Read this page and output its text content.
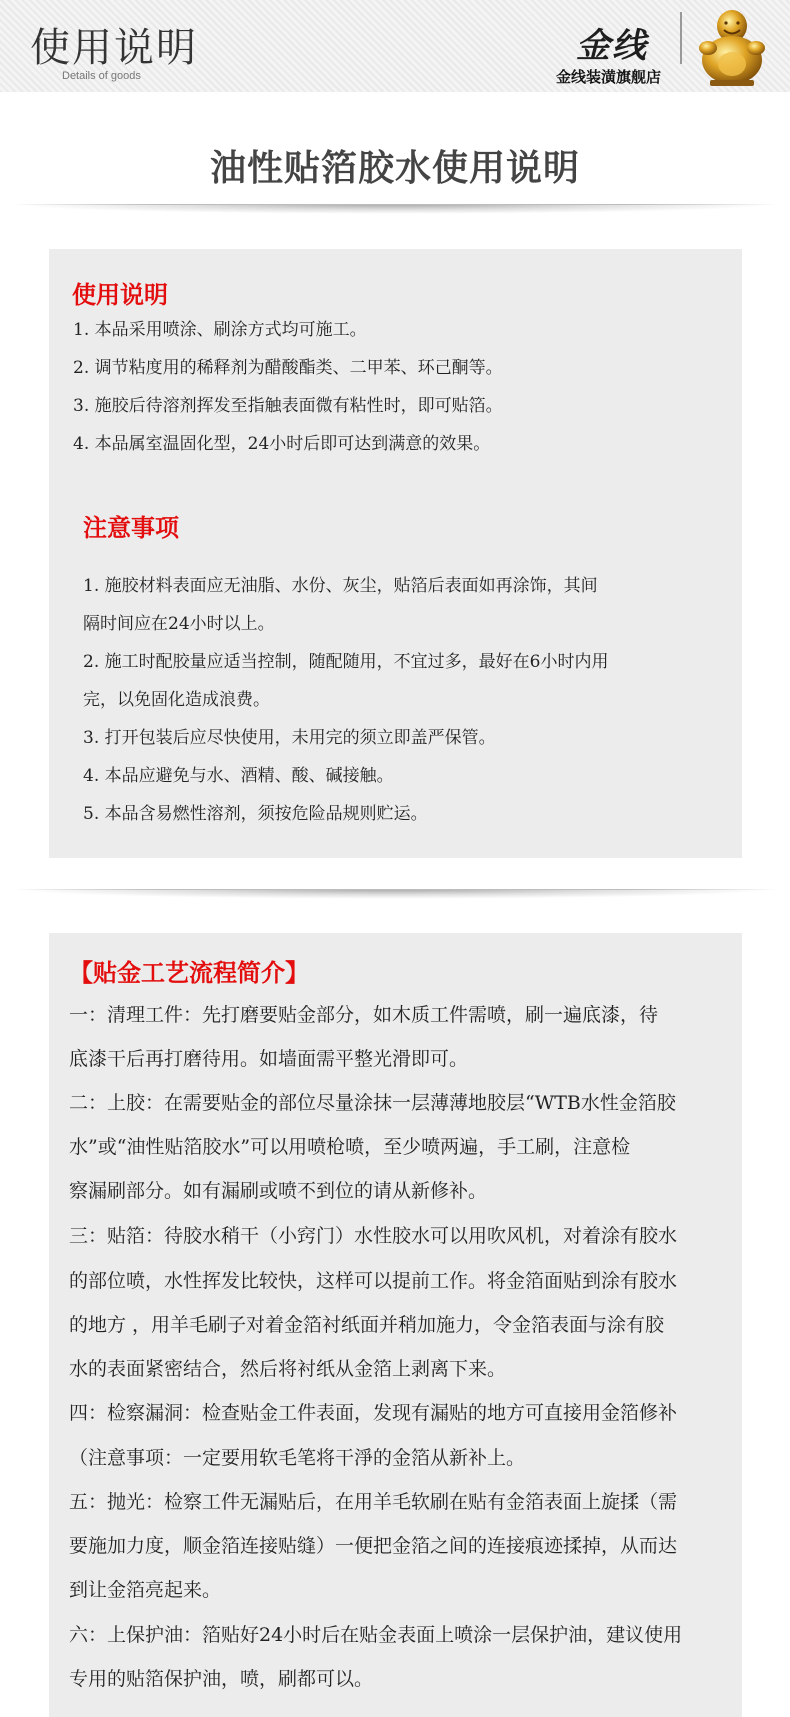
使用说明
Details of goods
金线
金线装潢旗舰店
油性贴箔胶水使用说明
使用说明
1. 本品采用喷涂、刷涂方式均可施工。
2. 调节粘度用的稀释剂为醋酸酯类、二甲苯、环己酮等。
3. 施胶后待溶剂挥发至指触表面微有粘性时，即可贴箔。
4. 本品属室温固化型，24小时后即可达到满意的效果。
注意事项
1. 施胶材料表面应无油脂、水份、灰尘，贴箔后表面如再涂饰，其间
隔时间应在24小时以上。
2. 施工时配胶量应适当控制，随配随用，不宜过多，最好在6小时内用
完，以免固化造成浪费。
3. 打开包装后应尽快使用，未用完的须立即盖严保管。
4. 本品应避免与水、酒精、酸、碱接触。
5. 本品含易燃性溶剂，须按危险品规则贮运。
【贴金工艺流程简介】
一：清理工件：先打磨要贴金部分，如木质工件需喷，刷一遍底漆，待
底漆干后再打磨待用。如墙面需平整光滑即可。
二：上胶：在需要贴金的部位尽量涂抹一层薄薄地胶层“WTB水性金箔胶
水”或“油性贴箔胶水”可以用喷枪喷，至少喷两遍，手工刷，注意检
察漏刷部分。如有漏刷或喷不到位的请从新修补。
三：贴箔：待胶水稍干（小窍门）水性胶水可以用吹风机，对着涂有胶水
的部位喷，水性挥发比较快，这样可以提前工作。将金箔面贴到涂有胶水
的地方 ，用羊毛刷子对着金箔衬纸面并稍加施力，令金箔表面与涂有胶
水的表面紧密结合，然后将衬纸从金箔上剥离下来。
四：检察漏洞：检查贴金工件表面，发现有漏贴的地方可直接用金箔修补
（注意事项：一定要用软毛笔将干淨的金箔从新补上。
五：抛光：检察工件无漏贴后，在用羊毛软刷在贴有金箔表面上旋揉（需
要施加力度，顺金箔连接贴缝）一便把金箔之间的连接痕迹揉掉，从而达
到让金箔亮起来。
六：上保护油：箔贴好24小时后在贴金表面上喷涂一层保护油，建议使用
专用的贴箔保护油，喷，刷都可以。
